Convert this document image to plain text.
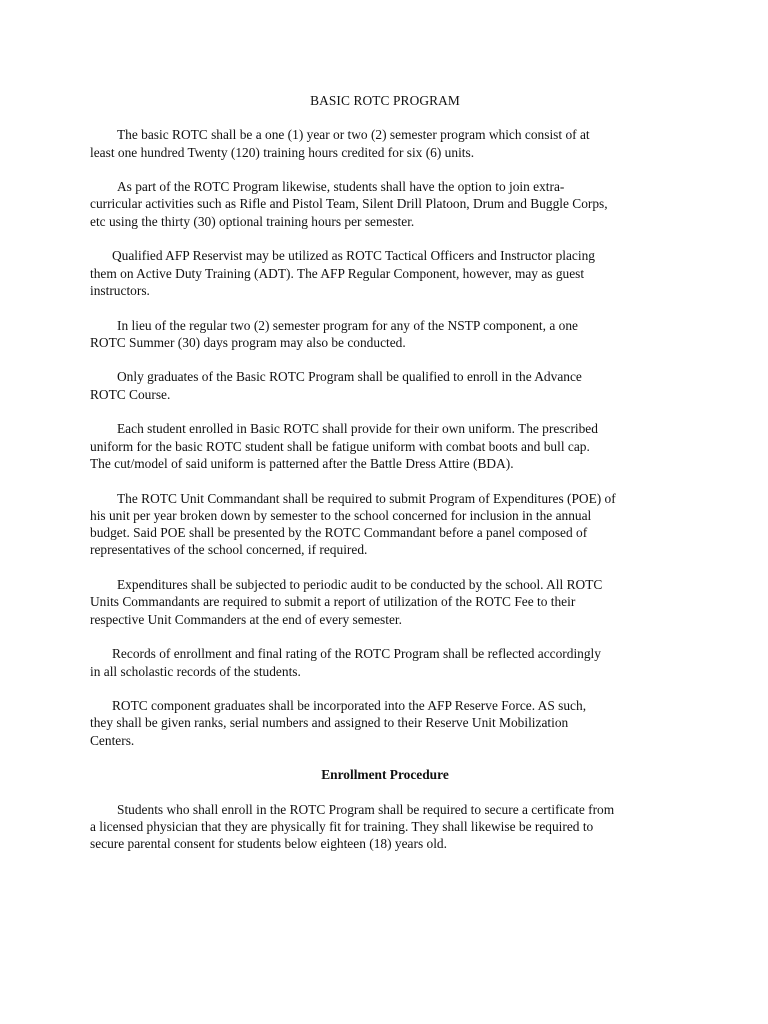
BASIC ROTC PROGRAM

The basic ROTC shall be a one (1) year or two (2) semester program which consist of at
least one hundred Twenty (120) training hours credited for six (6) units.

As part of the ROTC Program likewise, students shall have the option to join extra-
curricular activities such as Rifle and Pistol Team, Silent Drill Platoon, Drum and Buggle Corps,
etc using the thirty (30) optional training hours per semester.

Qualified AFP Reservist may be utilized as ROTC Tactical Officers and Instructor placing
them on Active Duty Training (ADT). The AFP Regular Component, however, may as guest
instructors.

In lieu of the regular two (2) semester program for any of the NSTP component, a one
ROTC Summer (30) days program may also be conducted.

Only graduates of the Basic ROTC Program shall be qualified to enroll in the Advance
ROTC Course.

Each student enrolled in Basic ROTC shall provide for their own uniform. The prescribed
uniform for the basic ROTC student shall be fatigue uniform with combat boots and bull cap.
The cut/model of said uniform is patterned after the Battle Dress Attire (BDA).

The ROTC Unit Commandant shall be required to submit Program of Expenditures (POE) of
his unit per year broken down by semester to the school concerned for inclusion in the annual
budget. Said POE shall be presented by the ROTC Commandant before a panel composed of
representatives of the school concerned, if required.

Expenditures shall be subjected to periodic audit to be conducted by the school. All ROTC
Units Commandants are required to submit a report of utilization of the ROTC Fee to their
respective Unit Commanders at the end of every semester.

Records of enrollment and final rating of the ROTC Program shall be reflected accordingly
in all scholastic records of the students.

ROTC component graduates shall be incorporated into the AFP Reserve Force. AS such,
they shall be given ranks, serial numbers and assigned to their Reserve Unit Mobilization
Centers.

Enrollment Procedure

Students who shall enroll in the ROTC Program shall be required to secure a certificate from
a licensed physician that they are physically fit for training. They shall likewise be required to
secure parental consent for students below eighteen (18) years old.
